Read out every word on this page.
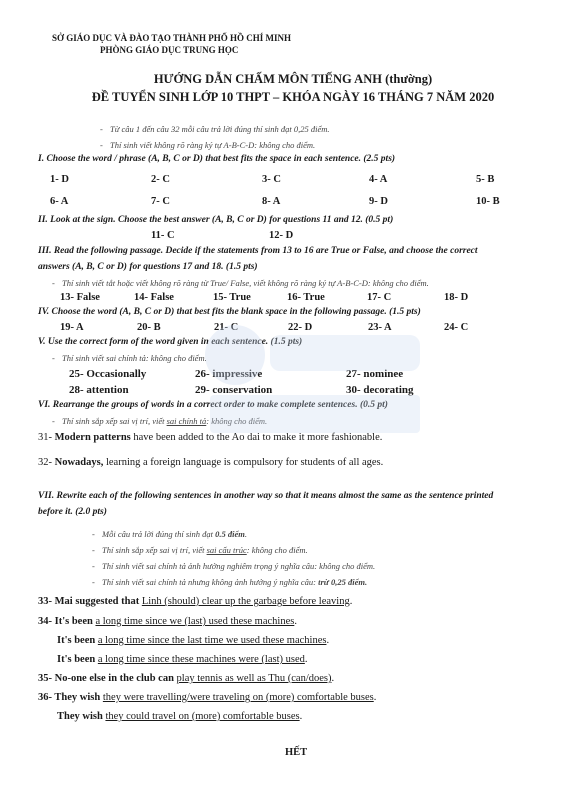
SỞ GIÁO DỤC VÀ ĐÀO TẠO THÀNH PHỐ HỒ CHÍ MINH
PHÒNG GIÁO DỤC TRUNG HỌC
HƯỚNG DẪN CHẤM MÔN TIẾNG ANH (thường)
ĐỀ TUYỂN SINH LỚP 10 THPT – KHÓA NGÀY 16 THÁNG 7 NĂM 2020
- Từ câu 1 đến câu 32 mỗi câu trả lời đúng thí sinh đạt 0,25 điểm.
- Thí sinh viết không rõ ràng ký tự A-B-C-D: không cho điểm.
I. Choose the word / phrase (A, B, C or D) that best fits the space in each sentence. (2.5 pts)
1- D	2- C	3- C	4- A	5- B
6- A	7- C	8- A	9- D	10- B
II. Look at the sign. Choose the best answer (A, B, C or D) for questions 11 and 12. (0.5 pt)
11- C	12- D
III. Read the following passage. Decide if the statements from 13 to 16 are True or False, and choose the correct
answers (A, B, C or D) for questions 17 and 18. (1.5 pts)
- Thí sinh viết tắt hoặc viết không rõ ràng từ True/ False, viết không rõ ràng ký tự A-B-C-D: không cho điểm.
13- False	14- False	15- True	16- True	17- C	18- D
IV. Choose the word (A, B, C or D) that best fits the blank space in the following passage. (1.5 pts)
19- A	20- B	21- C	22- D	23- A	24- C
V. Use the correct form of the word given in each sentence. (1.5 pts)
- Thí sinh viết sai chính tả: không cho điểm.
25- Occasionally	26- impressive	27- nominee
28- attention	29- conservation	30- decorating
VI. Rearrange the groups of words in a correct order to make complete sentences. (0.5 pt)
- Thí sinh sắp xếp sai vị trí, viết sai chính tả: không cho điểm.
31- Modern patterns have been added to the Ao dai to make it more fashionable.
32- Nowadays, learning a foreign language is compulsory for students of all ages.
VII. Rewrite each of the following sentences in another way so that it means almost the same as the sentence printed
before it. (2.0 pts)
- Mỗi câu trả lời đúng thí sinh đạt 0.5 điểm.
- Thí sinh sắp xếp sai vị trí, viết sai cấu trúc: không cho điểm.
- Thí sinh viết sai chính tả ảnh hưởng nghiêm trọng ý nghĩa câu: không cho điểm.
- Thí sinh viết sai chính tả nhưng không ảnh hưởng ý nghĩa câu: trừ 0,25 điểm.
33- Mai suggested that Linh (should) clear up the garbage before leaving.
34- It's been a long time since we (last) used these machines.
It's been a long time since the last time we used these machines.
It's been a long time since these machines were (last) used.
35- No-one else in the club can play tennis as well as Thu (can/does).
36- They wish they were travelling/were traveling on (more) comfortable buses.
They wish they could travel on (more) comfortable buses.
HẾT
